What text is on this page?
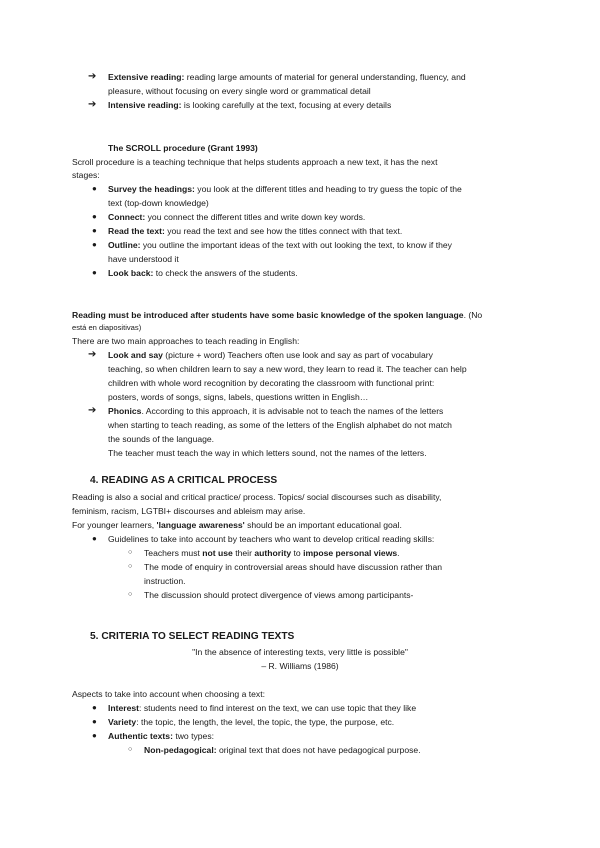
➔ Extensive reading: reading large amounts of material for general understanding, fluency, and
pleasure, without focusing on every single word or grammatical detail
➔ Intensive reading: is looking carefully at the text, focusing at every details
The SCROLL procedure (Grant 1993)
Scroll procedure is a teaching technique that helps students approach a new text, it has the next
stages:
● Survey the headings: you look at the different titles and heading to try guess the topic of the
text (top-down knowledge)
● Connect: you connect the different titles and write down key words.
● Read the text: you read the text and see how the titles connect with that text.
● Outline: you outline the important ideas of the text with out looking the text, to know if they
have understood it
● Look back: to check the answers of the students.
Reading must be introduced after students have some basic knowledge of the spoken language. (No
está en diapositivas)
There are two main approaches to teach reading in English:
➔ Look and say (picture + word) Teachers often use look and say as part of vocabulary
teaching, so when children learn to say a new word, they learn to read it. The teacher can help
children with whole word recognition by decorating the classroom with functional print:
posters, words of songs, signs, labels, questions written in English…
➔ Phonics. According to this approach, it is advisable not to teach the names of the letters
when starting to teach reading, as some of the letters of the English alphabet do not match
the sounds of the language.
The teacher must teach the way in which letters sound, not the names of the letters.
4. READING AS A CRITICAL PROCESS
Reading is also a social and critical practice/ process. Topics/ social discourses such as disability,
feminism, racism, LGTBI+ discourses and ableism may arise.
For younger learners, 'language awareness' should be an important educational goal.
● Guidelines to take into account by teachers who want to develop critical reading skills:
○ Teachers must not use their authority to impose personal views.
○ The mode of enquiry in controversial areas should have discussion rather than
instruction.
○ The discussion should protect divergence of views among participants-
5. CRITERIA TO SELECT READING TEXTS
"In the absence of interesting texts, very little is possible"
– R. Williams (1986)
Aspects to take into account when choosing a text:
● Interest: students need to find interest on the text, we can use topic that they like
● Variety: the topic, the length, the level, the topic, the type, the purpose, etc.
● Authentic texts: two types:
○ Non-pedagogical: original text that does not have pedagogical purpose.
